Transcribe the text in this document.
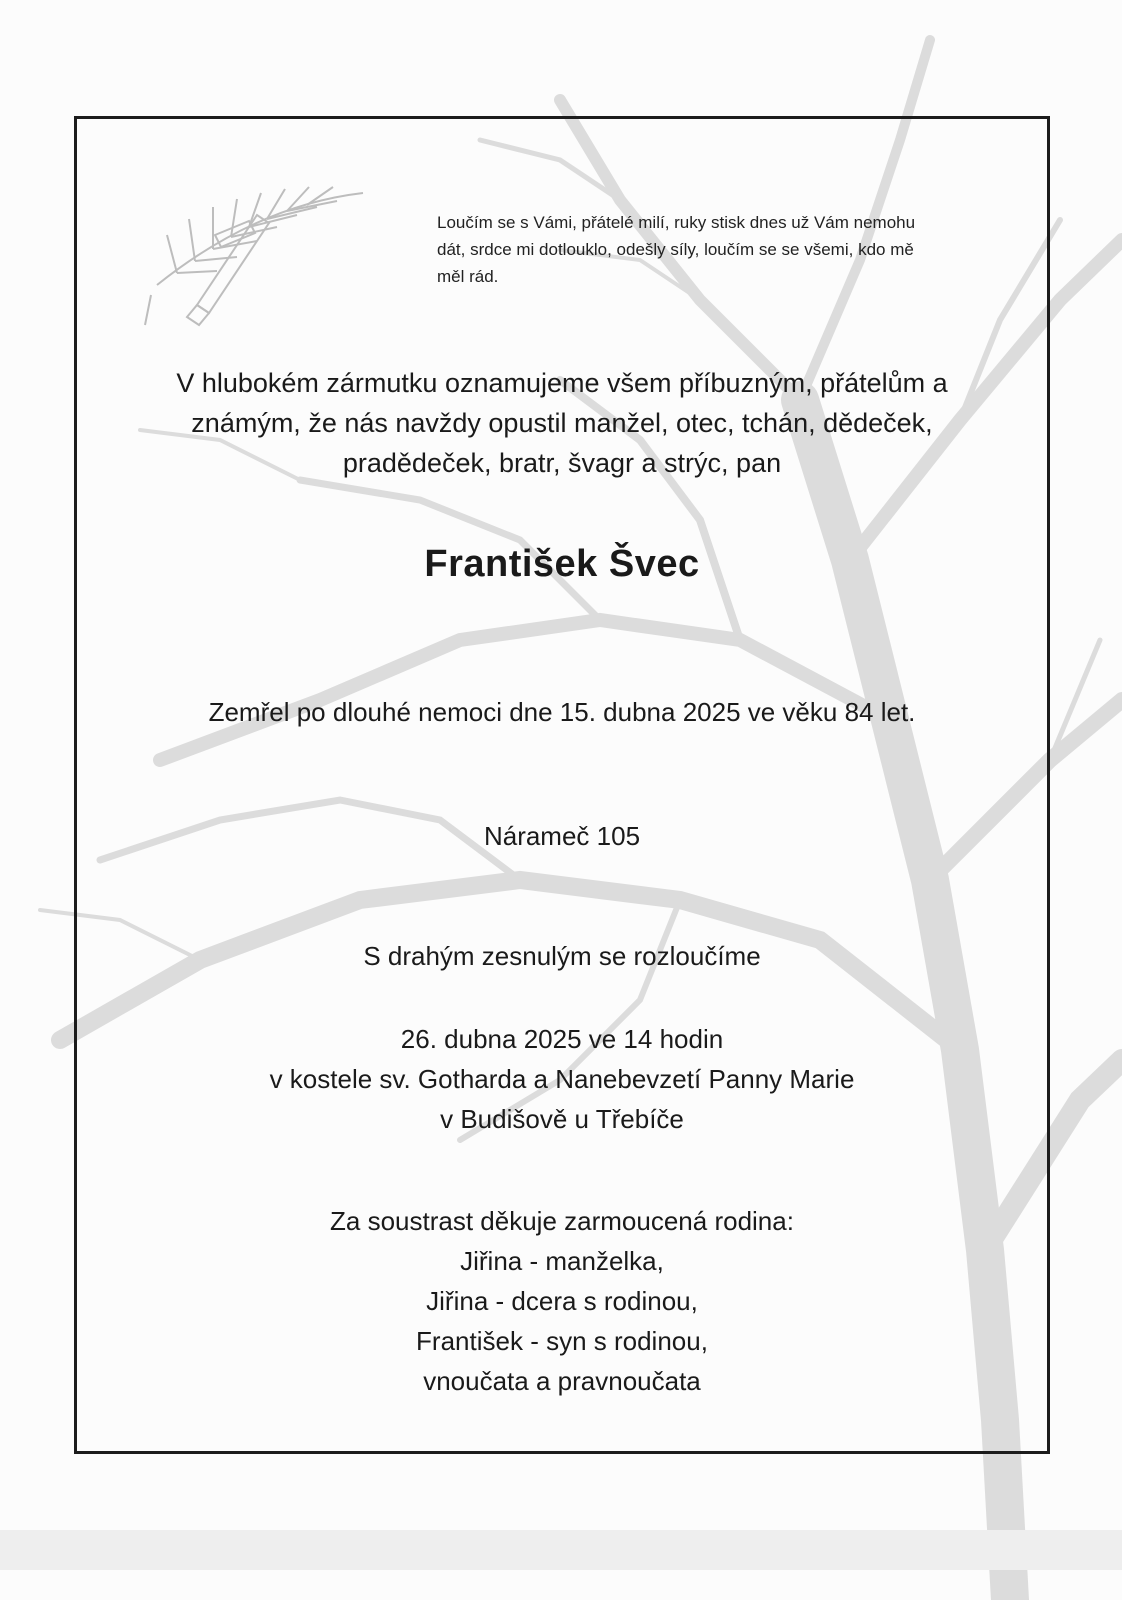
Loučím se s Vámi, přátelé milí, ruky stisk dnes už Vám nemohu
dát, srdce mi dotlouklo, odešly síly, loučím se se všemi, kdo mě
měl rád.
V hlubokém zármutku oznamujeme všem příbuzným, přátelům a
známým, že nás navždy opustil manžel, otec, tchán, dědeček,
pradědeček, bratr, švagr a strýc, pan
František Švec
Zemřel po dlouhé nemoci dne 15. dubna 2025 ve věku 84 let.
Náramеč 105
S drahým zesnulým se rozloučíme
26. dubna 2025 ve 14 hodin
v kostele sv. Gotharda a Nanebevzetí Panny Marie
v Budišově u Třebíče
Za soustrast děkuje zarmoucená rodina:
Jiřina - manželka,
Jiřina - dcera s rodinou,
František - syn s rodinou,
vnoučata a pravnoučata
